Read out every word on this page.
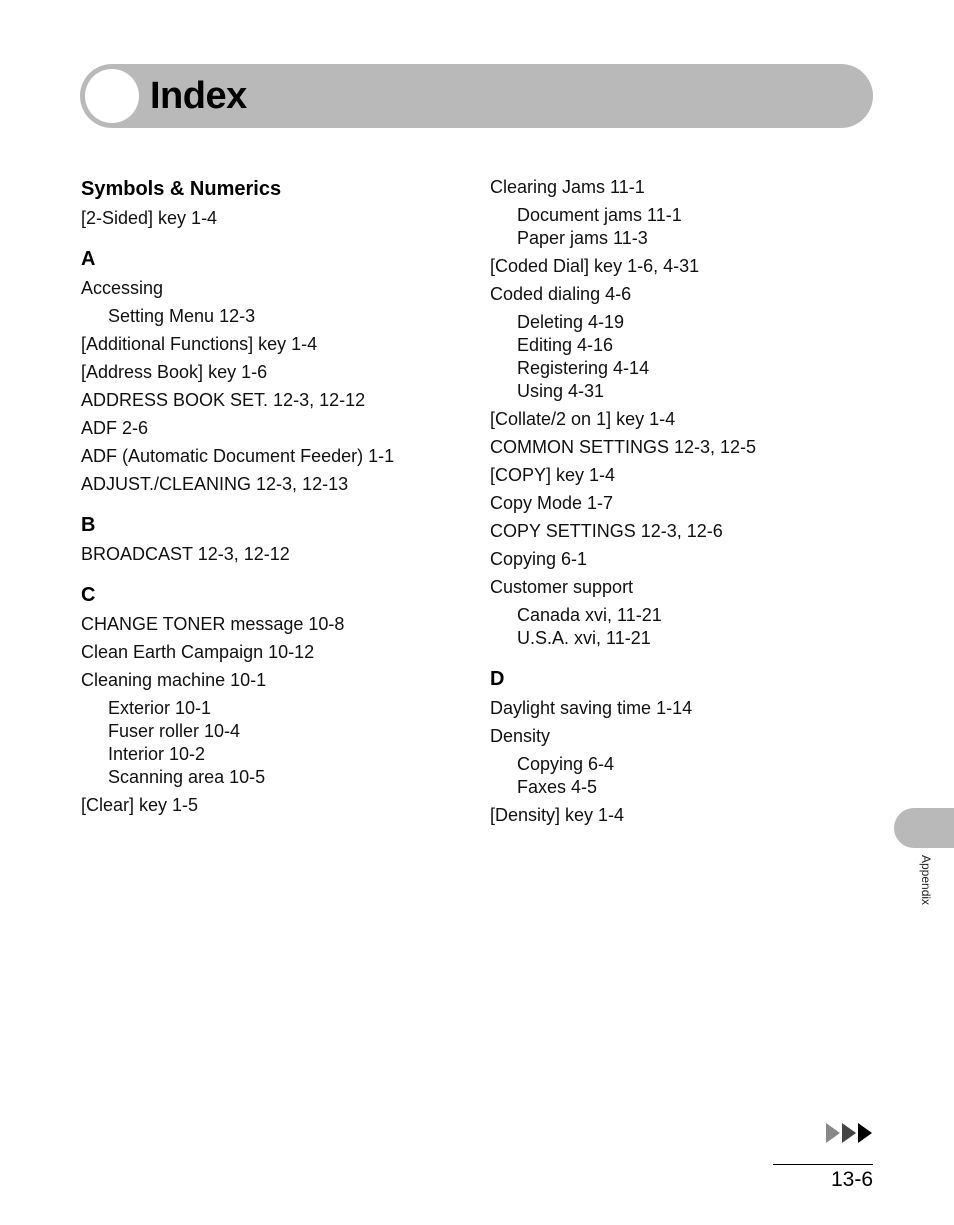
Index
Symbols & Numerics
[2-Sided] key 1-4
A
Accessing
Setting Menu 12-3
[Additional Functions] key 1-4
[Address Book] key 1-6
ADDRESS BOOK SET. 12-3, 12-12
ADF 2-6
ADF (Automatic Document Feeder) 1-1
ADJUST./CLEANING 12-3, 12-13
B
BROADCAST 12-3, 12-12
C
CHANGE TONER message 10-8
Clean Earth Campaign 10-12
Cleaning machine 10-1
Exterior 10-1
Fuser roller 10-4
Interior 10-2
Scanning area 10-5
[Clear] key 1-5
Clearing Jams 11-1
Document jams 11-1
Paper jams 11-3
[Coded Dial] key 1-6, 4-31
Coded dialing 4-6
Deleting 4-19
Editing 4-16
Registering 4-14
Using 4-31
[Collate/2 on 1] key 1-4
COMMON SETTINGS 12-3, 12-5
[COPY] key 1-4
Copy Mode 1-7
COPY SETTINGS 12-3, 12-6
Copying 6-1
Customer support
Canada xvi, 11-21
U.S.A. xvi, 11-21
D
Daylight saving time 1-14
Density
Copying 6-4
Faxes 4-5
[Density] key 1-4
Appendix
13-6
